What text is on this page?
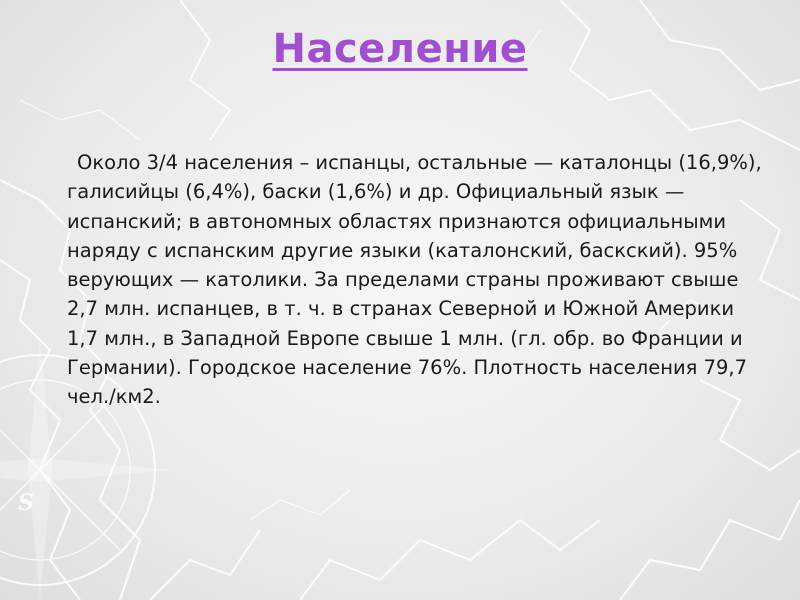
S
Население

Около 3/4 населения – испанцы, остальные — каталонцы (16,9%), галисийцы (6,4%), баски (1,6%) и др. Официальный язык — испанский; в автономных областях признаются официальными наряду с испанским другие языки (каталонский, баскский). 95% верующих — католики. За пределами страны проживают свыше 2,7 млн. испанцев, в т. ч. в странах Северной и Южной Америки 1,7 млн., в Западной Европе свыше 1 млн. (гл. обр. во Франции и Германии). Городское население 76%. Плотность населения 79,7 чел./км2.
